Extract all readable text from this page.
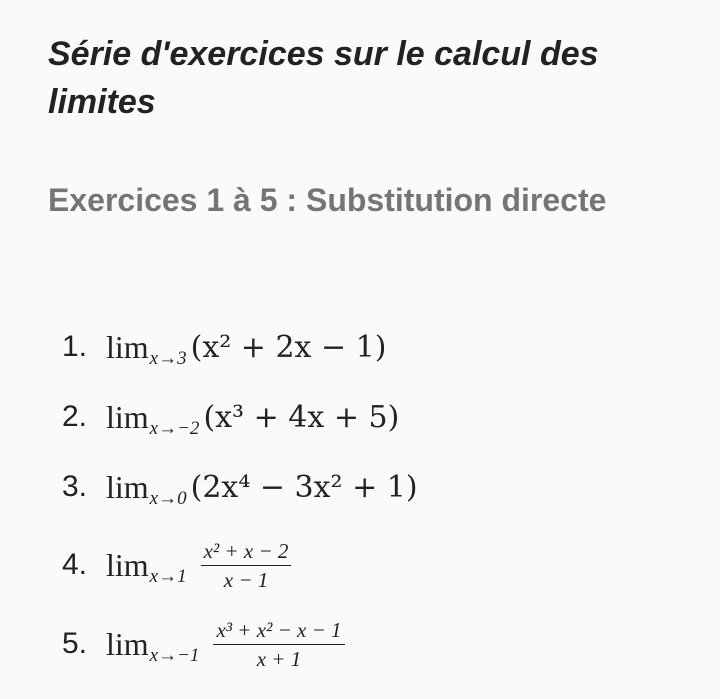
Série d'exercices sur le calcul des limites
Exercices 1 à 5 : Substitution directe
1. lim x→3 (x² + 2x − 1)
2. lim x→−2 (x³ + 4x + 5)
3. lim x→0 (2x⁴ − 3x² + 1)
4. $\lim x\to 1 \frac{\text{x² + x − 2}}{x - 1}$
5. $\lim x\to-1 \frac{\text{x³ + x² − x − 1}}{x + 1}$
